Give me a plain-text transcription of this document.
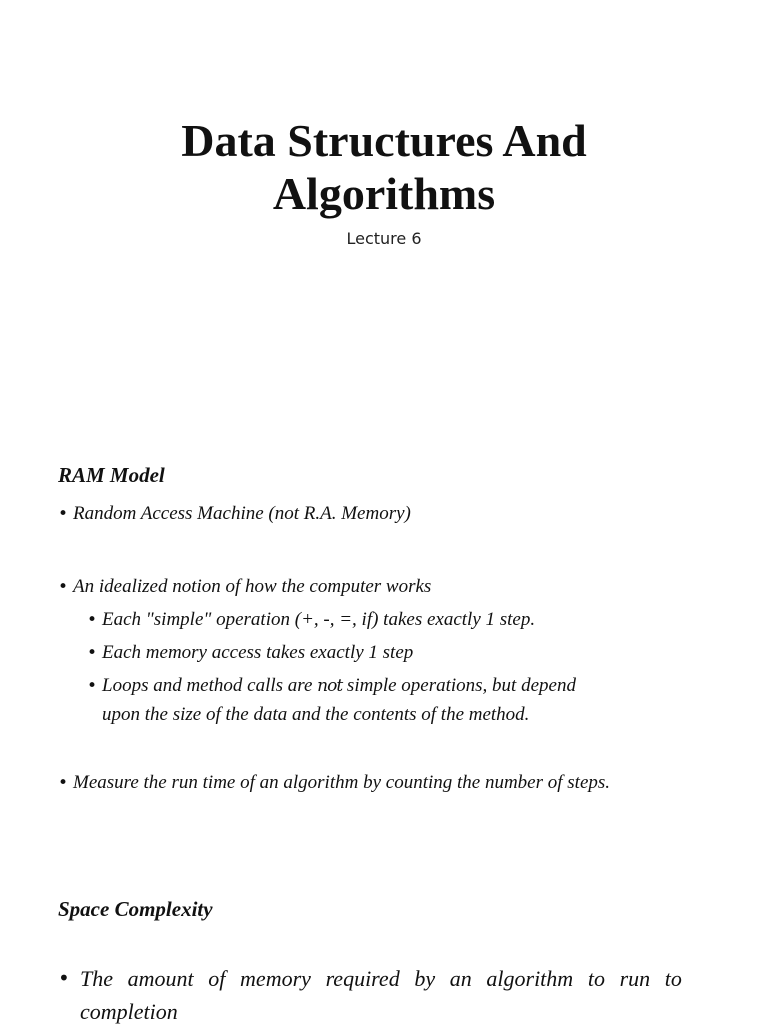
Data Structures And
Algorithms
Lecture 6
RAM Model
• Random Access Machine (not R.A. Memory)
• An idealized notion of how the computer works
• Each "simple" operation (+, -, =, if) takes exactly 1 step.
• Each memory access takes exactly 1 step
• Loops and method calls are not simple operations, but depend
upon the size of the data and the contents of the method.
• Measure the run time of an algorithm by counting the number of steps.
Space Complexity
• The amount of memory required by an algorithm to run to
completion
